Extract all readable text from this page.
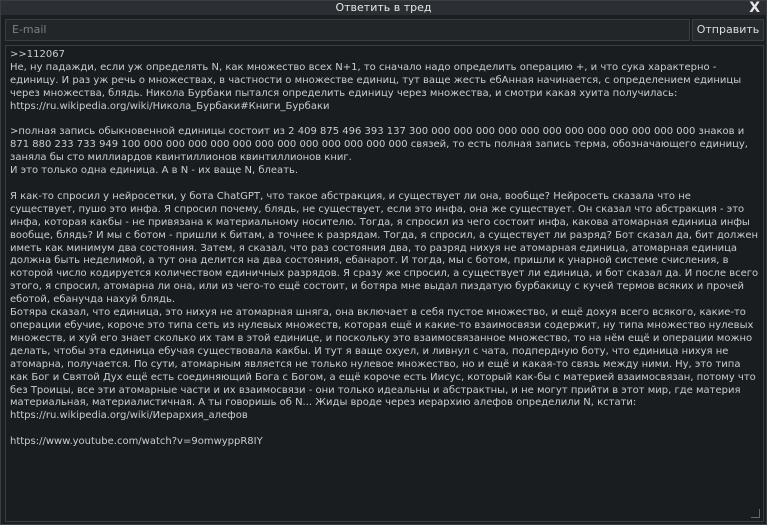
Ответить в тред	X
E-mail	Отправить
>>112067
Не, ну падажди, если уж определять N, как множество всех N+1, то сначало надо определить операцию +, и что сука характерно - единицу. И раз уж речь о множествах, в частности о множестве единиц, тут ваще жесть ебАнная начинается, с определением единицы через множества, блядь. Никола Бурбаки пытался определить единицу через множества, и смотри какая хуита получилась: https://ru.wikipedia.org/wiki/Никола_Бурбаки#Книги_Бурбаки
>полная запись обыкновенной единицы состоит из 2 409 875 496 393 137 300 000 000 000 000 000 000 000 000 000 000 000 000 знаков и 871 880 233 733 949 100 000 000 000 000 000 000 000 000 000 000 000 000 связей, то есть полная запись терма, обозначающего единицу, заняла бы сто миллиардов квинтиллионов квинтиллионов книг.
И это только одна единица. А в N - их ваще N, блеать.
Я как-то спросил у нейросетки, у бота ChatGPT, что такое абстракция, и существует ли она, вообще? Нейросеть сказала что не существует, пушо это инфа. Я спросил почему, блядь, не существует, если это инфа, она же существует. Он сказал что абстракция - это инфа, которая какбы - не привязана к материальному носителю. Тогда, я спросил из чего состоит инфа, какова атомарная единица инфы вообще, блядь? И мы с ботом - пришли к битам, а точнее к разрядам. Тогда, я спросил, а существует ли разряд? Бот сказал да, бит должен иметь как минимум два состояния. Затем, я сказал, что раз состояния два, то разряд нихуя не атомарная единица, атомарная единица должна быть неделимой, а тут она делится на два состояния, ебанарот. И тогда, мы с ботом, пришли к унарной системе счисления, в которой число кодируется количеством единичных разрядов. Я сразу же спросил, а существует ли единица, и бот сказал да. И после всего этого, я спросил, атомарна ли она, или из чего-то ещё состоит, и ботяра мне выдал пиздатую бурбакицу с кучей термов всяких и прочей еботой, ебанучда нахуй блядь.
Ботяра сказал, что единица, это нихуя не атомарная шняга, она включает в себя пустое множество, и ещё дохуя всего всякого, какие-то операции ебучие, короче это типа сеть из нулевых множеств, которая ещё и какие-то взаимосвязи содержит, ну типа множество нулевых множеств, и хуй его знает сколько их там в этой единице, и поскольку это взаимосвязанное множество, то на нём ещё и операции можно делать, чтобы эта единица ебучая существовала какбы. И тут я ваще охуел, и ливнул с чата, подпердную боту, что единица нихуя не атомарна, получается. По сути, атомарным является не только нулевое множество, но и ещё и какая-то связь между ними. Ну, это типа как Бог и Святой Дух ещё есть соединяющий Бога с Богом, а ещё короче есть Иисус, который как-бы с материей взаимосвязан, потому что без Троицы, все эти атомарные части и их взаимосвязи - они только идеальны и абстрактны, и не могут прийти в этот мир, где материя материальная, материалистичная. А ты говоришь об N... Жиды вроде через иерархию алефов определили N, кстати: https://ru.wikipedia.org/wiki/Иерархия_алефов
https://www.youtube.com/watch?v=9omwyppR8IY
